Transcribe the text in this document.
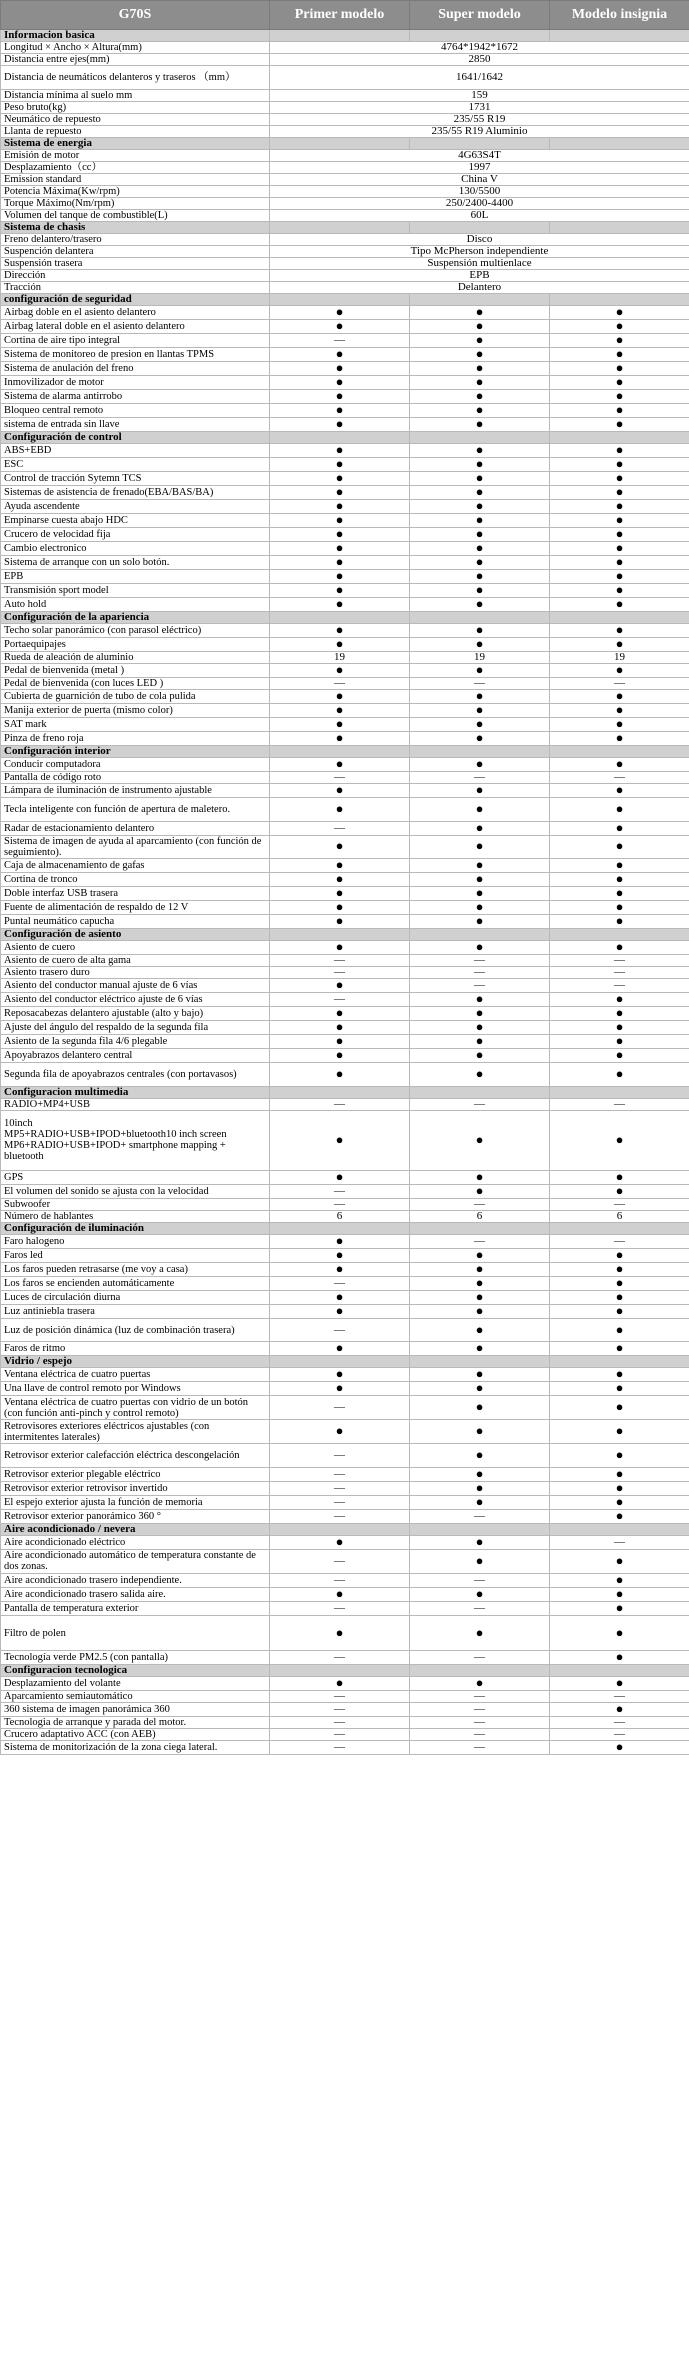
G70S	Primer modelo	Super modelo	Modelo insignia
Informacion basica			
Longitud × Ancho × Altura(mm)	4764*1942*1672		
Distancia entre ejes(mm)	2850		
Distancia de neumáticos delanteros y traseros （mm）	1641/1642		
Distancia mínima al suelo mm	159		
Peso bruto(kg)	1731		
Neumático de repuesto	235/55 R19		
Llanta de repuesto	235/55 R19 Aluminio		
Sistema de energia			
Emisión de motor	4G63S4T		
Desplazamiento（cc）	1997		
Emission standard	China V		
Potencia Máxima(Kw/rpm)	130/5500		
Torque Máximo(Nm/rpm)	250/2400-4400		
Volumen del tanque de combustible(L)	60L		
Sistema de chasis			
Freno delantero/trasero	Disco		
Suspención delantera	Tipo McPherson independiente		
Suspensión trasera	Suspensión multienlace		
Dirección	EPB		
Tracción	Delantero		
configuración de seguridad			
Airbag doble en el asiento delantero	●	●	●
Airbag lateral doble en el asiento delantero	●	●	●
Cortina de aire tipo integral	—	●	●
Sistema de monitoreo de presion en llantas TPMS	●	●	●
Sistema de anulación del freno	●	●	●
Inmovilizador de motor	●	●	●
Sistema de alarma antirrobo	●	●	●
Bloqueo central remoto	●	●	●
sistema de entrada sin llave	●	●	●
Configuración de control			
ABS+EBD	●	●	●
ESC	●	●	●
Control de tracción Sytemn TCS	●	●	●
Sistemas de asistencia de frenado(EBA/BAS/BA)	●	●	●
Ayuda ascendente	●	●	●
Empinarse cuesta abajo HDC	●	●	●
Crucero de velocidad fija	●	●	●
Cambio electronico	●	●	●
Sistema de arranque con un solo botón.	●	●	●
EPB	●	●	●
Transmisión sport model	●	●	●
Auto hold	●	●	●
Configuración de la apariencia			
Techo solar panorámico (con parasol eléctrico)	●	●	●
Portaequipajes	●	●	●
Rueda de aleación de aluminio	19	19	19
Pedal de bienvenida (metal )	●	●	●
Pedal de bienvenida (con luces LED )	—	—	—
Cubierta de guarnición de tubo de cola pulida	●	●	●
Manija exterior de puerta (mismo color)	●	●	●
SAT mark	●	●	●
Pinza de freno roja	●	●	●
Configuración interior			
Conducir computadora	●	●	●
Pantalla de código roto	—	—	—
Lámpara de iluminación de instrumento ajustable	●	●	●
Tecla inteligente con función de apertura de maletero.	●	●	●
Radar de estacionamiento delantero	—	●	●
Sistema de imagen de ayuda al aparcamiento (con función de seguimiento).	●	●	●
Caja de almacenamiento de gafas	●	●	●
Cortina de tronco	●	●	●
Doble interfaz USB trasera	●	●	●
Fuente de alimentación de respaldo de 12 V	●	●	●
Puntal neumático capucha	●	●	●
Configuración de asiento			
Asiento de cuero	●	●	●
Asiento de cuero de alta gama	—	—	—
Asiento trasero duro	—	—	—
Asiento del conductor manual ajuste de 6 vías	●	—	—
Asiento del conductor eléctrico ajuste de 6 vías	—	●	●
Reposacabezas delantero ajustable (alto y bajo)	●	●	●
Ajuste del ángulo del respaldo de la segunda fila	●	●	●
Asiento de la segunda fila 4/6 plegable	●	●	●
Apoyabrazos delantero central	●	●	●
Segunda fila de apoyabrazos centrales (con portavasos)	●	●	●
Configuracion multimedia			
RADIO+MP4+USB	—	—	—
10inch
MP5+RADIO+USB+IPOD+bluetooth10 inch screen
MP6+RADIO+USB+IPOD+ smartphone mapping + bluetooth	●	●	●
GPS	●	●	●
El volumen del sonido se ajusta con la velocidad	—	●	●
Subwoofer	—	—	—
Número de hablantes	6	6	6
Configuración de iluminación			
Faro halogeno	●	—	—
Faros led	●	●	●
Los faros pueden retrasarse (me voy a casa)	●	●	●
Los faros se encienden automáticamente	—	●	●
Luces de circulación diurna	●	●	●
Luz antiniebla trasera	●	●	●
Luz de posición dinámica (luz de combinación trasera)	—	●	●
Faros de ritmo	●	●	●
Vidrio / espejo			
Ventana eléctrica de cuatro puertas	●	●	●
Una llave de control remoto por Windows	●	●	●
Ventana eléctrica de cuatro puertas con vidrio de un botón (con función anti-pinch y control remoto)	—	●	●
Retrovisores exteriores eléctricos ajustables (con intermitentes laterales)	●	●	●
Retrovisor exterior calefacción eléctrica descongelación	—	●	●
Retrovisor exterior plegable eléctrico	—	●	●
Retrovisor exterior retrovisor invertido	—	●	●
El espejo exterior ajusta la función de memoria	—	●	●
Retrovisor exterior panorámico 360 °	—	—	●
Aire acondicionado / nevera			
Aire acondicionado eléctrico	●	●	—
Aire acondicionado automático de temperatura constante de dos zonas.	—	●	●
Aire acondicionado trasero independiente.	—	—	●
Aire acondicionado trasero salida aire.	●	●	●
Pantalla de temperatura exterior	—	—	●
Filtro de polen	●	●	●
Tecnología verde PM2.5 (con pantalla)	—	—	●
Configuracion tecnologica			
Desplazamiento del volante	●	●	●
Aparcamiento semiautomático	—	—	—
360 sistema de imagen panorámica 360	—	—	●
Tecnologia de arranque y parada del motor.	—	—	—
Crucero adaptativo ACC (con AEB)	—	—	—
Sistema de monitorización de la zona ciega lateral.	—	—	●
